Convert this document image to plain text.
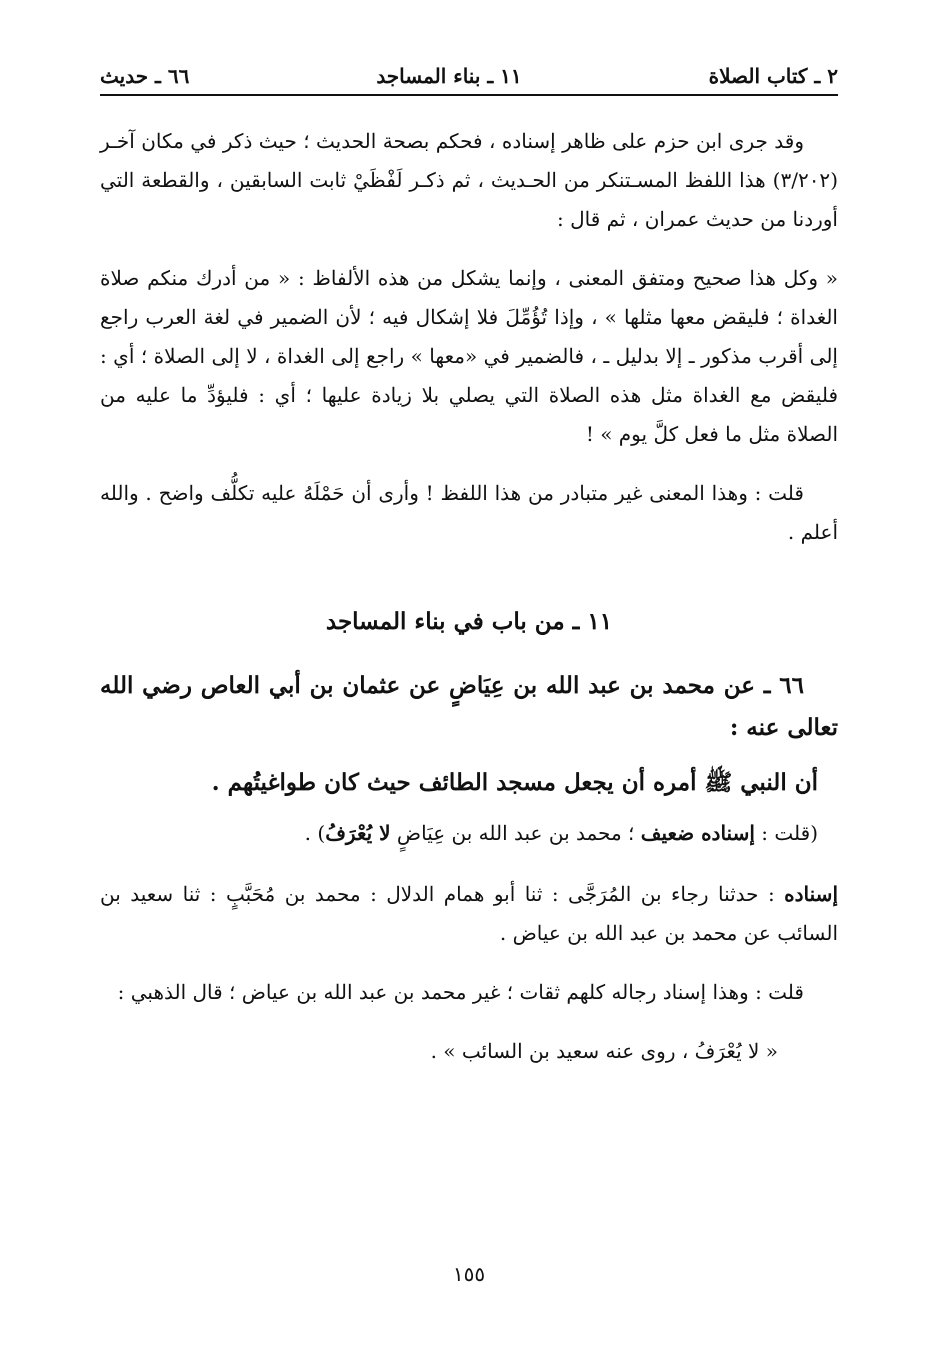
٢ ـ كتاب الصلاة
١١ ـ بناء المساجد
٦٦ ـ حديث

وقد جرى ابن حزم على ظاهر إسناده ، فحكم بصحة الحديث ؛ حيث ذكر في مكان آخـر (٣/٢٠٢) هذا اللفظ المسـتنكر من الحـديث ، ثم ذكـر لَفْظَيْ ثابت السابقين ، والقطعة التي أوردنا من حديث عمران ، ثم قال :

« وكل هذا صحيح ومتفق المعنى ، وإنما يشكل من هذه الألفاظ : « من أدرك منكم صلاة الغداة ؛ فليقض معها مثلها » ، وإذا تُؤُمِّلَ فلا إشكال فيه ؛ لأن الضمير في لغة العرب راجع إلى أقرب مذكور ـ إلا بدليل ـ ، فالضمير في «معها » راجع إلى الغداة ، لا إلى الصلاة ؛ أي : فليقض مع الغداة مثل هذه الصلاة التي يصلي بلا زيادة عليها ؛ أي : فليؤدِّ ما عليه من الصلاة مثل ما فعل كلَّ يوم » !

قلت : وهذا المعنى غير متبادر من هذا اللفظ ! وأرى أن حَمْلَهُ عليه تكلُّف واضح . والله أعلم .

١١ ـ من باب في بناء المساجد

٦٦ ـ عن محمد بن عبد الله بن عِيَاضٍ عن عثمان بن أبي العاص رضي الله تعالى عنه :

أن النبي ﷺ أمره أن يجعل مسجد الطائف حيث كان طواغيتُهم .

(قلت : إسناده ضعيف ؛ محمد بن عبد الله بن عِيَاضٍ لا يُعْرَفُ) .

إسناده : حدثنا رجاء بن المُرَجَّى : ثنا أبو همام الدلال : محمد بن مُحَبَّبٍ : ثنا سعيد بن السائب عن محمد بن عبد الله بن عياض .

قلت : وهذا إسناد رجاله كلهم ثقات ؛ غير محمد بن عبد الله بن عياض ؛ قال الذهبي :

« لا يُعْرَفُ ، روى عنه سعيد بن السائب » .

١٥٥
